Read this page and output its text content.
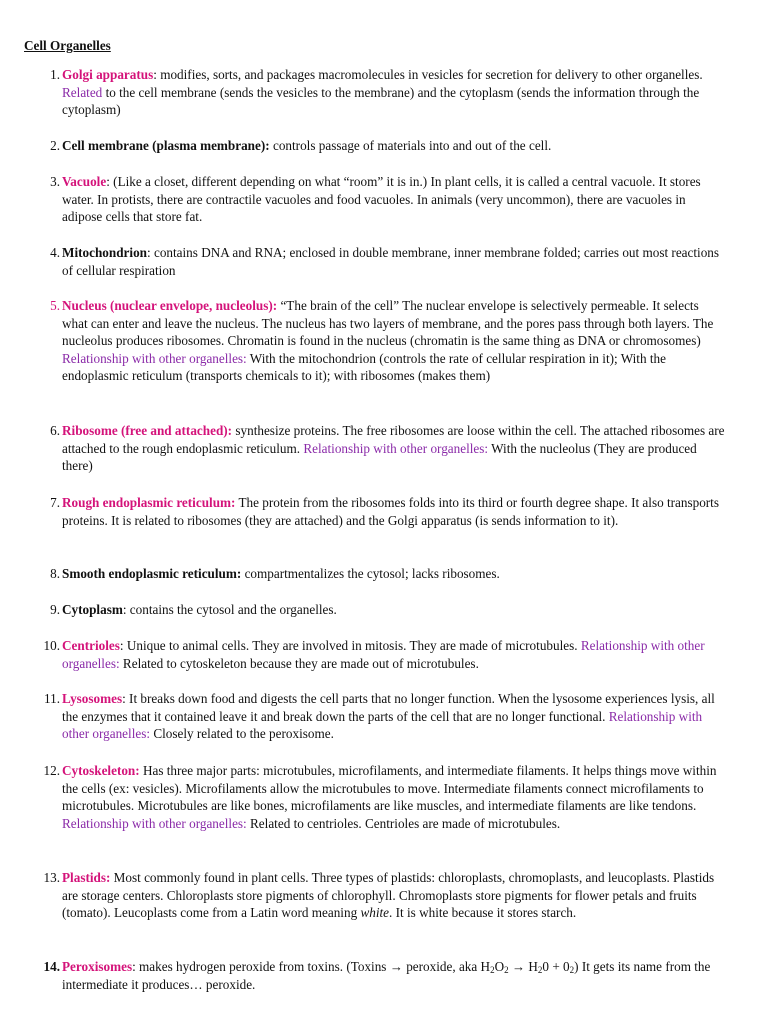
Cell Organelles
1. Golgi apparatus: modifies, sorts, and packages macromolecules in vesicles for secretion for delivery to other organelles. Related to the cell membrane (sends the vesicles to the membrane) and the cytoplasm (sends the information through the cytoplasm)
2. Cell membrane (plasma membrane): controls passage of materials into and out of the cell.
3. Vacuole: (Like a closet, different depending on what “room” it is in.) In plant cells, it is called a central vacuole. It stores water. In protists, there are contractile vacuoles and food vacuoles. In animals (very uncommon), there are vacuoles in adipose cells that store fat.
4. Mitochondrion: contains DNA and RNA; enclosed in double membrane, inner membrane folded; carries out most reactions of cellular respiration
5. Nucleus (nuclear envelope, nucleolus): “The brain of the cell” The nuclear envelope is selectively permeable. It selects what can enter and leave the nucleus. The nucleus has two layers of membrane, and the pores pass through both layers. The nucleolus produces ribosomes. Chromatin is found in the nucleus (chromatin is the same thing as DNA or chromosomes) Relationship with other organelles: With the mitochondrion (controls the rate of cellular respiration in it); With the endoplasmic reticulum (transports chemicals to it); with ribosomes (makes them)
6. Ribosome (free and attached): synthesize proteins. The free ribosomes are loose within the cell. The attached ribosomes are attached to the rough endoplasmic reticulum. Relationship with other organelles: With the nucleolus (They are produced there)
7. Rough endoplasmic reticulum: The protein from the ribosomes folds into its third or fourth degree shape. It also transports proteins. It is related to ribosomes (they are attached) and the Golgi apparatus (is sends information to it).
8. Smooth endoplasmic reticulum: compartmentalizes the cytosol; lacks ribosomes.
9. Cytoplasm: contains the cytosol and the organelles.
10. Centrioles: Unique to animal cells. They are involved in mitosis. They are made of microtubules. Relationship with other organelles: Related to cytoskeleton because they are made out of microtubules.
11. Lysosomes: It breaks down food and digests the cell parts that no longer function. When the lysosome experiences lysis, all the enzymes that it contained leave it and break down the parts of the cell that are no longer functional. Relationship with other organelles: Closely related to the peroxisome.
12. Cytoskeleton: Has three major parts: microtubules, microfilaments, and intermediate filaments. It helps things move within the cells (ex: vesicles). Microfilaments allow the microtubules to move. Intermediate filaments connect microfilaments to microtubules. Microtubules are like bones, microfilaments are like muscles, and intermediate filaments are like tendons. Relationship with other organelles: Related to centrioles. Centrioles are made of microtubules.
13. Plastids: Most commonly found in plant cells. Three types of plastids: chloroplasts, chromoplasts, and leucoplasts. Plastids are storage centers. Chloroplasts store pigments of chlorophyll. Chromoplasts store pigments for flower petals and fruits (tomato). Leucoplasts come from a Latin word meaning white. It is white because it stores starch.
14. Peroxisomes: makes hydrogen peroxide from toxins. (Toxins → peroxide, aka $H_2O_2 \to H_20 + 0_2$) It gets its name from the intermediate it produces… peroxide.
